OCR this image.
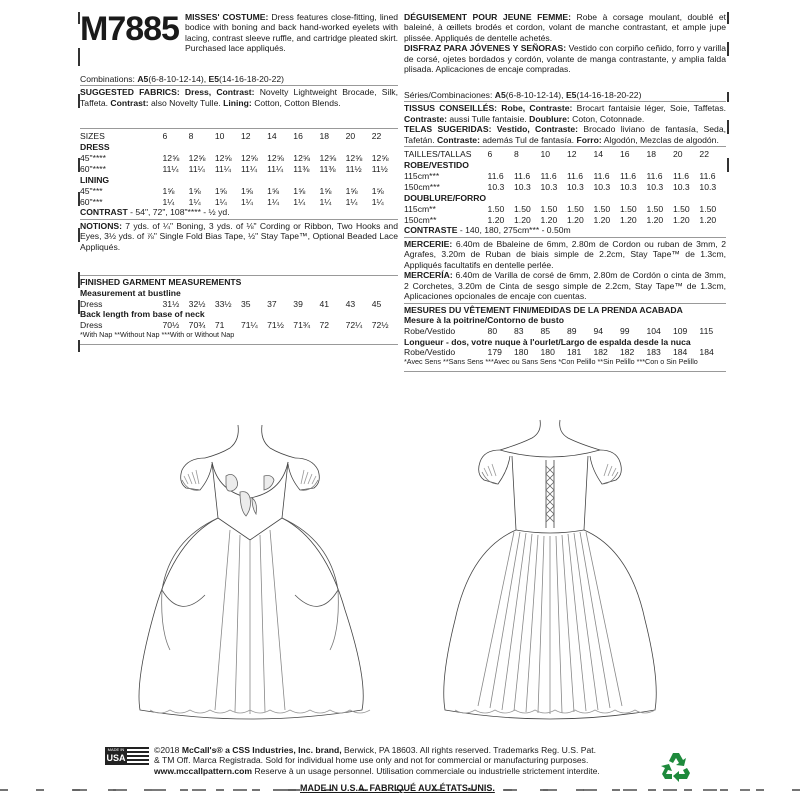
M7885 MISSES' COSTUME: Dress features close-fitting, lined bodice with boning and back hand-worked eyelets with lacing, contrast sleeve ruffle, and cartridge pleated skirt. Purchased lace appliqués.
Combinations: A5(6-8-10-12-14), E5(14-16-18-20-22)
SUGGESTED FABRICS: Dress, Contrast: Novelty Lightweight Brocade, Silk, Taffeta. Contrast: also Novelty Tulle. Lining: Cotton, Cotton Blends.
SIZES	6	8	10	12	14	16	18	20	22
DRESS									
45"****	12⅝	12⅝	12⅝	12⅝	12⅝	12⅝	12⅝	12⅝	12⅝
60"****	11¼	11¼	11¼	11¼	11¼	11⅜	11⅜	11½	11½
LINING									
45"***	1⅝	1⅝	1⅝	1⅝	1⅝	1⅝	1⅝	1⅝	1⅝
60"***	1¼	1¼	1¼	1¼	1¼	1¼	1¼	1¼	1¼
CONTRAST - 54", 72", 108"**** - ½ yd.
NOTIONS: 7 yds. of ¼" Boning, 3 yds. of ⅛" Cording or Ribbon, Two Hooks and Eyes, 3½ yds. of ⅞" Single Fold Bias Tape, ½" Stay Tape™, Optional Beaded Lace Appliqués.
FINISHED GARMENT MEASUREMENTS
Measurement at bustline
Dress	31½	32½	33½	35	37	39	41	43	45
Back length from base of neck
Dress	70½	70¾	71	71¼	71½	71¾	72	72¼	72½
*With Nap **Without Nap ***With or Without Nap
DÉGUISEMENT POUR JEUNE FEMME: Robe à corsage moulant, doublé et baleiné, à œillets brodés et cordon, volant de manche contrastant, et ample jupe plissée. Appliqués de dentelle achetés.
DISFRAZ PARA JÓVENES Y SEÑORAS: Vestido con corpiño ceñido, forro y varilla de corsé, ojetes bordados y cordón, volante de manga contrastante, y amplia falda plisada. Aplicaciones de encaje compradas.
Séries/Combinaciones: A5(6-8-10-12-14), E5(14-16-18-20-22)
TISSUS CONSEILLÉS: Robe, Contraste: Brocart fantaisie léger, Soie, Taffetas. Contraste: aussi Tulle fantaisie. Doublure: Coton, Cotonnade.
TELAS SUGERIDAS: Vestido, Contraste: Brocado liviano de fantasía, Seda, Tafetán. Contraste: además Tul de fantasía. Forro: Algodón, Mezclas de algodón.
TAILLES/TALLAS	6	8	10	12	14	16	18	20	22
ROBE/VESTIDO									
115cm***	11.6	11.6	11.6	11.6	11.6	11.6	11.6	11.6	11.6
150cm***	10.3	10.3	10.3	10.3	10.3	10.3	10.3	10.3	10.3
DOUBLURE/FORRO									
115cm**	1.50	1.50	1.50	1.50	1.50	1.50	1.50	1.50	1.50
150cm**	1.20	1.20	1.20	1.20	1.20	1.20	1.20	1.20	1.20
CONTRASTE - 140, 180, 275cm*** - 0.50m
MERCERIE: 6.40m de Bbaleine de 6mm, 2.80m de Cordon ou ruban de 3mm, 2 Agrafes, 3.20m de Ruban de biais simple de 2.2cm, Stay Tape™ de 1.3cm, Appliqués facultatifs en dentelle perlée.
MERCERÍA: 6.40m de Varilla de corsé de 6mm, 2.80m de Cordón o cinta de 3mm, 2 Corchetes, 3.20m de Cinta de sesgo simple de 2.2cm, Stay Tape™ de 1.3cm, Aplicaciones opcionales de encaje con cuentas.
MESURES DU VÊTEMENT FINI/MEDIDAS DE LA PRENDA ACABADA
Mesure à la poitrine/Contorno de busto
Robe/Vestido	80	83	85	89	94	99	104	109	115
Longueur - dos, votre nuque à l'ourlet/Largo de espalda desde la nuca
Robe/Vestido	179	180	180	181	182	182	183	184	184
*Avec Sens **Sans Sens ***Avec ou Sans Sens *Con Pelillo **Sin Pelillo ***Con o Sin Pelillo
MADE IN
USA
©2018 McCall's® a CSS Industries, Inc. brand, Berwick, PA 18603. All rights reserved. Trademarks Reg. U.S. Pat.
& TM Off. Marca Registrada. Sold for individual home use only and not for commercial or manufacturing purposes.
www.mccallpattern.com Reserve à un usage personnel. Utilisation commerciale ou industrielle strictement interdite.
MADE IN U.S.A. FABRIQUÉ AUX ÉTATS-UNIS.
